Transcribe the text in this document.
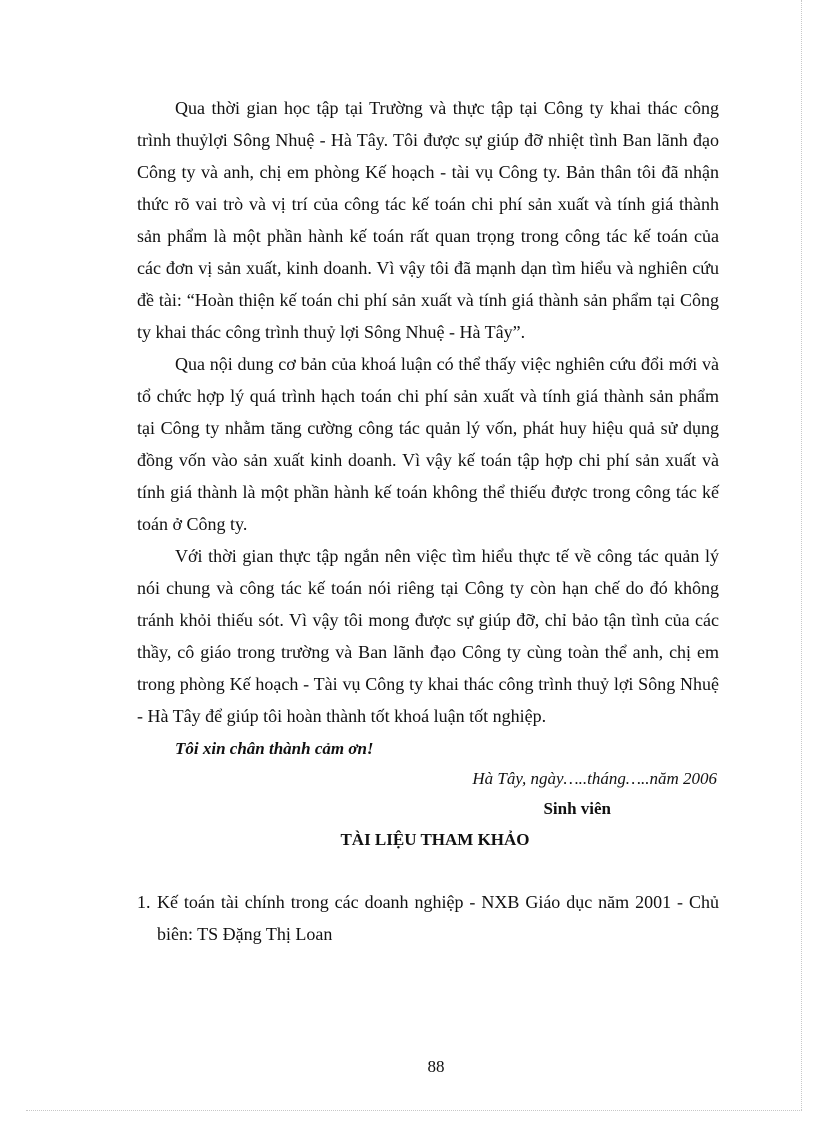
Qua thời gian học tập tại Trường và thực tập tại Công ty khai thác công trình thuỷlợi Sông Nhuệ - Hà Tây. Tôi được sự giúp đỡ nhiệt tình Ban lãnh đạo Công ty và anh, chị em phòng Kế hoạch - tài vụ Công ty. Bản thân tôi đã nhận thức rõ vai trò và vị trí của công tác kế toán chi phí sản xuất và tính giá thành sản phẩm là một phần hành kế toán rất quan trọng trong công tác kế toán của các đơn vị sản xuất, kinh doanh. Vì vậy tôi đã mạnh dạn tìm hiểu và nghiên cứu đề tài: “Hoàn thiện kế toán chi phí sản xuất và tính giá thành sản phẩm tại Công ty khai thác công trình thuỷ lợi Sông Nhuệ - Hà Tây”.

Qua nội dung cơ bản của khoá luận có thể thấy việc nghiên cứu đổi mới và tổ chức hợp lý quá trình hạch toán chi phí sản xuất và tính giá thành sản phẩm tại Công ty nhằm tăng cường công tác quản lý vốn, phát huy hiệu quả sử dụng đồng vốn vào sản xuất kinh doanh. Vì vậy kế toán tập hợp chi phí sản xuất và tính giá thành là một phần hành kế toán không thể thiếu được trong công tác kế toán ở Công ty.

Với thời gian thực tập ngắn nên việc tìm hiểu thực tế về công tác quản lý nói chung và công tác kế toán nói riêng tại Công ty còn hạn chế do đó không tránh khỏi thiếu sót. Vì vậy tôi mong được sự giúp đỡ, chỉ bảo tận tình của các thầy, cô giáo trong trường và Ban lãnh đạo Công ty cùng toàn thể anh, chị em trong phòng Kế hoạch - Tài vụ Công ty khai thác công trình thuỷ lợi Sông Nhuệ - Hà Tây để giúp tôi hoàn thành tốt khoá luận tốt nghiệp.

Tôi xin chân thành cảm ơn!

Hà Tây, ngày…..tháng…..năm 2006

Sinh viên

TÀI LIỆU THAM KHẢO
1. Kế toán tài chính trong các doanh nghiệp - NXB Giáo dục năm 2001 - Chủ biên: TS Đặng Thị Loan
88
